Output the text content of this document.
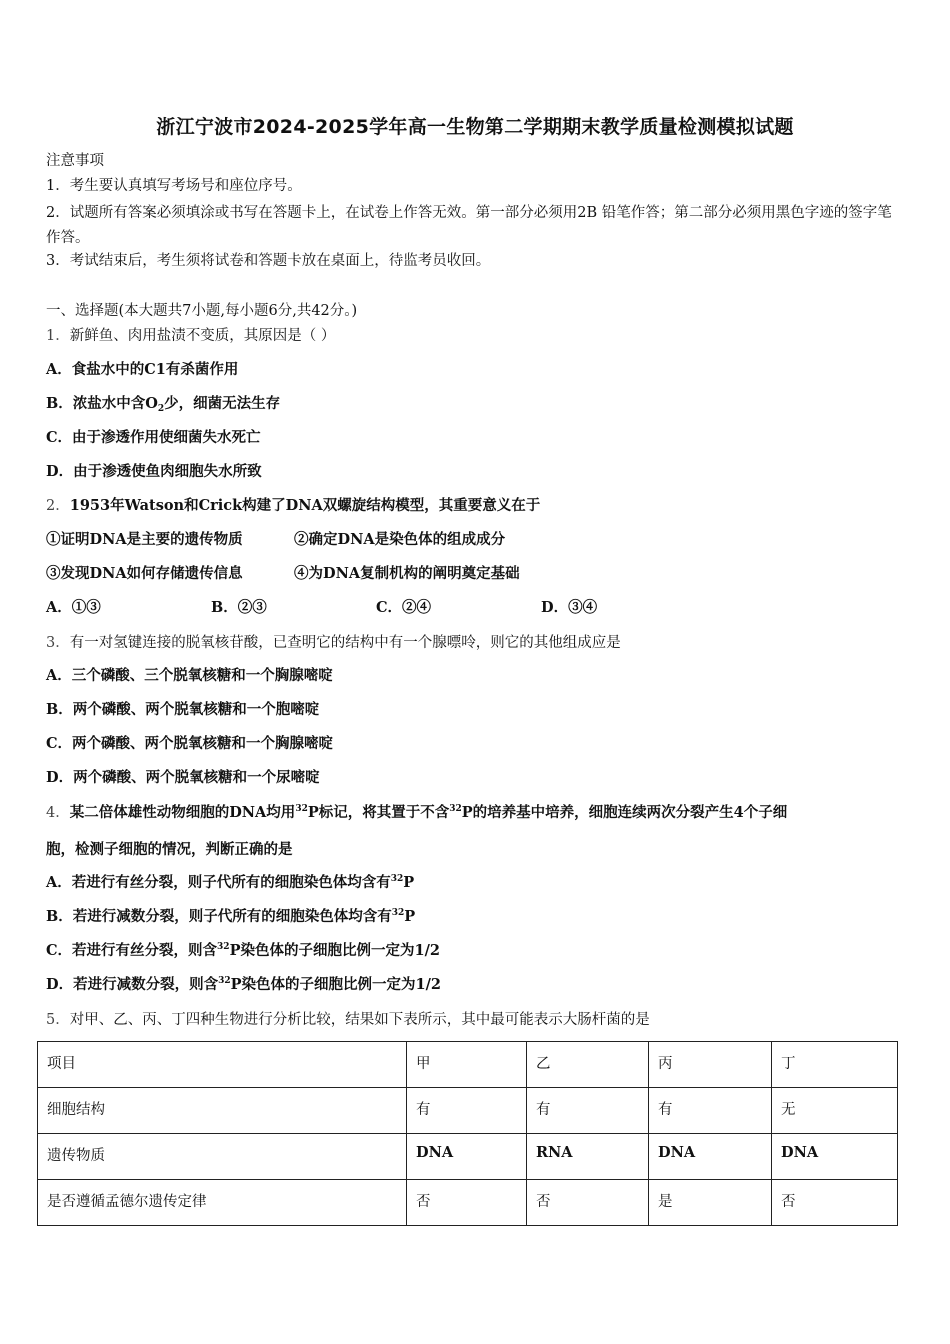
浙江宁波市2024-2025学年高一生物第二学期期末教学质量检测模拟试题
注意事项
1．考生要认真填写考场号和座位序号。
2．试题所有答案必须填涂或书写在答题卡上，在试卷上作答无效。第一部分必须用2B 铅笔作答；第二部分必须用黑色字迹的签字笔作答。
3．考试结束后，考生须将试卷和答题卡放在桌面上，待监考员收回。
一、选择题(本大题共7小题,每小题6分,共42分。)
1．新鲜鱼、肉用盐渍不变质，其原因是（ ）
A．食盐水中的C1有杀菌作用
B．浓盐水中含$O_2$少，细菌无法生存
C．由于渗透作用使细菌失水死亡
D．由于渗透使鱼肉细胞失水所致
2．1953年Watson和Crick构建了DNA双螺旋结构模型，其重要意义在于
①证明DNA是主要的遗传物质	②确定DNA是染色体的组成成分
③发现DNA如何存储遗传信息	④为DNA复制机构的阐明奠定基础
A．①③	B．②③	C．②④	D．③④
3．有一对氢键连接的脱氧核苷酸，已查明它的结构中有一个腺嘌呤，则它的其他组成应是
A．三个磷酸、三个脱氧核糖和一个胸腺嘧啶
B．两个磷酸、两个脱氧核糖和一个胞嘧啶
C．两个磷酸、两个脱氧核糖和一个胸腺嘧啶
D．两个磷酸、两个脱氧核糖和一个尿嘧啶
4．某二倍体雄性动物细胞的DNA均用$^{32}$P标记，将其置于不含$^{32}$P的培养基中培养，细胞连续两次分裂产生4个子细
胞，检测子细胞的情况，判断正确的是
A．若进行有丝分裂，则子代所有的细胞染色体均含有$^{32}$P
B．若进行减数分裂，则子代所有的细胞染色体均含有$^{32}$P
C．若进行有丝分裂，则含$^{32}$P染色体的子细胞比例一定为1/2
D．若进行减数分裂，则含$^{32}$P染色体的子细胞比例一定为1/2
5．对甲、乙、丙、丁四种生物进行分析比较，结果如下表所示，其中最可能表示大肠杆菌的是
项目	甲	乙	丙	丁
细胞结构	有	有	有	无
遗传物质	DNA	RNA	DNA	DNA
是否遵循孟德尔遗传定律	否	否	是	否
